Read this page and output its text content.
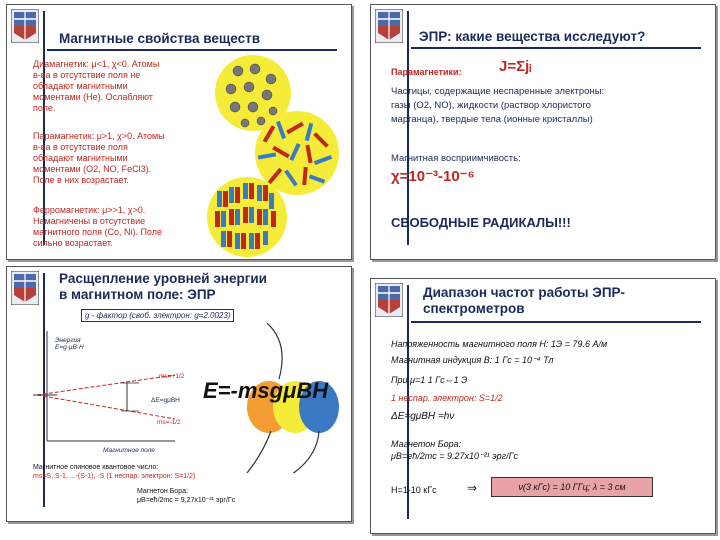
Магнитные свойства веществ
Диамагнетик: μ<1, χ<0. Атомы
в-ва в отсутствие поля не
обладают магнитными
моментами (He). Ослабляют
поле.
Парамагнетик: μ>1, χ>0. Атомы
в-ва в отсутствие поля
обладают магнитными
моментами (O2, NO, FeCl3).
Поле в них возрастает.
Ферромагнетик: μ>>1, χ>0.
Намагничены в отсутствие
магнитного поля (Co, Ni). Поле
сильно возрастает.
ЭПР: какие вещества исследуют?
Парамагнетики: J=Σjᵢ
Частицы, содержащие неспаренные электроны:
газы (O2, NO), жидкости (раствор хлористого
марганца), твердые тела (ионные кристаллы)
Магнитная восприимчивость:
χ=10⁻³-10⁻⁶
СВОБОДНЫЕ РАДИКАЛЫ!!!
Расщепление уровней энергии
в магнитном поле: ЭПР
g - фактор (своб. электрон: g=2.0023)
Энергия
E=g·μB·H
ms=+1/2
ms=-1/2
ΔE=gμBH
Магнитное поле
E=-msgμBH
Магнитное спиновое квантовое число:
ms=S, S-1, ...-(S-1), -S (1 неспар. электрон: S=1/2)
Магнетон Бора:
μB=eħ/2mc = 9,27x10⁻²¹ эрг/Гс
Диапазон частот работы ЭПР-
спектрометров
Напряженность магнитного поля H: 1Э = 79.6 А/м
Магнитная индукция B: 1 Гс = 10⁻⁴ Тл
При μ=1 1 Гс⇔1 Э
1 неспар. электрон: S=1/2
ΔE=gμBH =hν
Магнетон Бора:
μB=eħ/2mc = 9.27x10⁻²¹ эрг/Гс
H=1-10 кГс	⇒	ν(3 кГс) = 10 ГГц; λ = 3 см
